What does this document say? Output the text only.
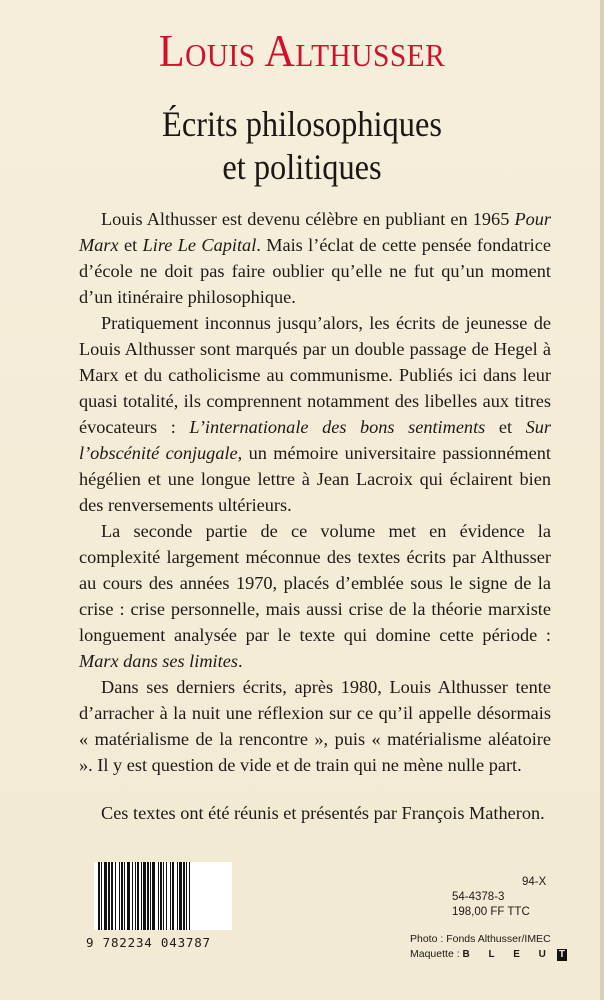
Louis Althusser
Écrits philosophiques
et politiques

Louis Althusser est devenu célèbre en publiant en 1965 Pour Marx et Lire Le Capital. Mais l’éclat de cette pensée fondatrice d’école ne doit pas faire oublier qu’elle ne fut qu’un moment d’un itinéraire philosophique.

Pratiquement inconnus jusqu’alors, les écrits de jeunesse de Louis Althusser sont marqués par un double passage de Hegel à Marx et du catholicisme au communisme. Publiés ici dans leur quasi totalité, ils comprennent notamment des libelles aux titres évocateurs : L’internationale des bons sentiments et Sur l’obscénité conjugale, un mémoire universitaire passionnément hégélien et une longue lettre à Jean Lacroix qui éclairent bien des renversements ultérieurs.

La seconde partie de ce volume met en évidence la complexité largement méconnue des textes écrits par Althusser au cours des années 1970, placés d’emblée sous le signe de la crise : crise personnelle, mais aussi crise de la théorie marxiste longuement analysée par le texte qui domine cette période : Marx dans ses limites.

Dans ses derniers écrits, après 1980, Louis Althusser tente d’arracher à la nuit une réflexion sur ce qu’il appelle désormais « matérialisme de la rencontre », puis « matérialisme aléatoire ». Il y est question de vide et de train qui ne mène nulle part.

Ces textes ont été réunis et présentés par François Matheron.

9 782234 043787
94-X
54-4378-3
198,00 FF TTC
Photo : Fonds Althusser/IMEC
Maquette : B L E U T
